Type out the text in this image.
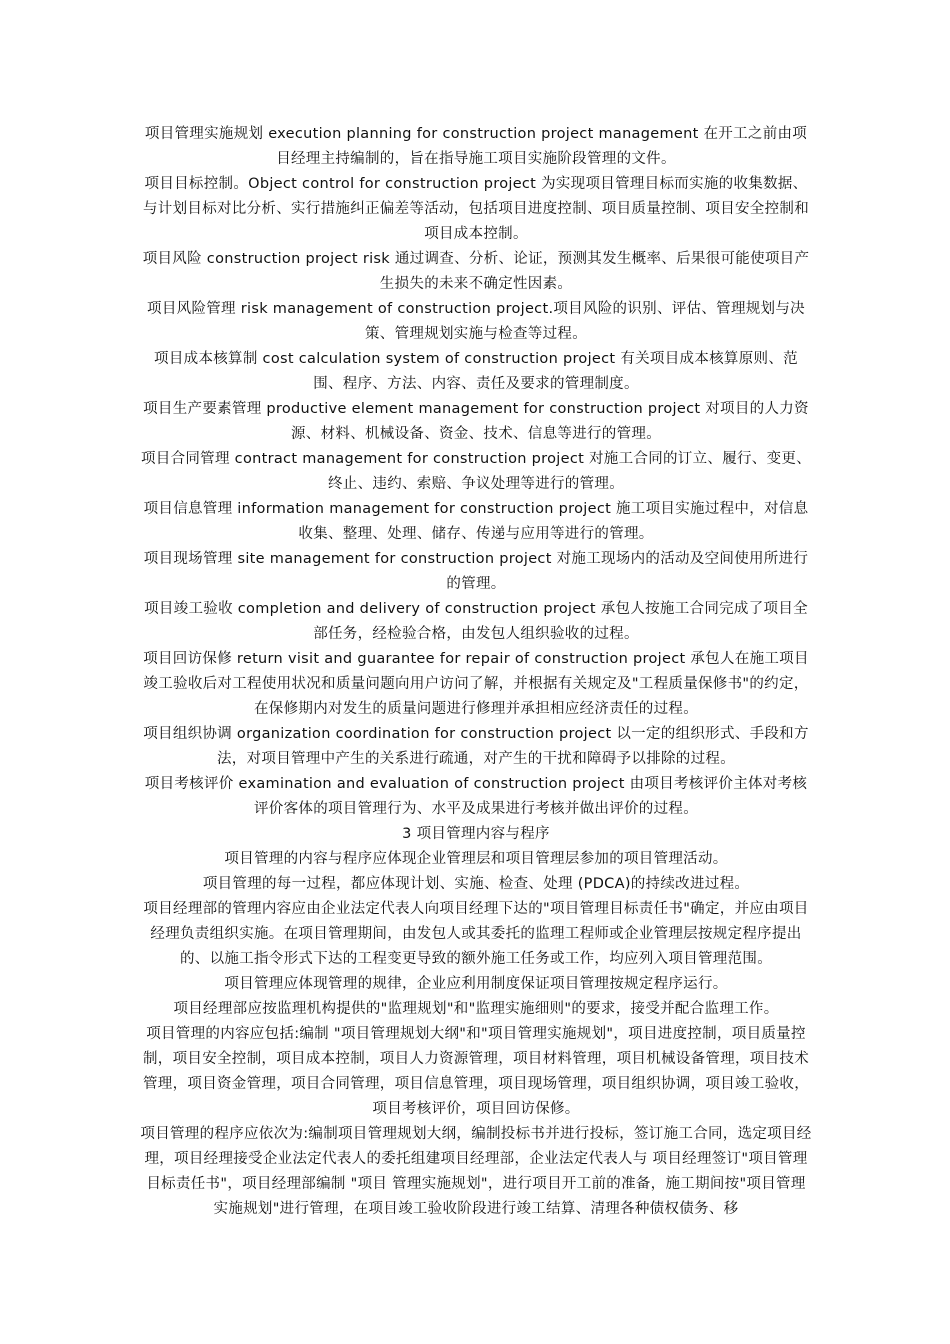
项目管理实施规划 execution planning for construction project management 在开工之前由项目经理主持编制的，旨在指导施工项目实施阶段管理的文件。

项目目标控制。Object control for construction project 为实现项目管理目标而实施的收集数据、与计划目标对比分析、实行措施纠正偏差等活动，包括项目进度控制、项目质量控制、项目安全控制和项目成本控制。

项目风险 construction project risk 通过调查、分析、论证，预测其发生概率、后果很可能使项目产生损失的未来不确定性因素。

项目风险管理 risk management of construction project.项目风险的识别、评估、管理规划与决策、管理规划实施与检查等过程。

项目成本核算制 cost calculation system of construction project 有关项目成本核算原则、范围、程序、方法、内容、责任及要求的管理制度。

项目生产要素管理 productive element management for construction project 对项目的人力资源、材料、机械设备、资金、技术、信息等进行的管理。

项目合同管理 contract management for construction project 对施工合同的订立、履行、变更、终止、违约、索赔、争议处理等进行的管理。

项目信息管理 information management for construction project 施工项目实施过程中，对信息收集、整理、处理、储存、传递与应用等进行的管理。

项目现场管理 site management for construction project 对施工现场内的活动及空间使用所进行的管理。

项目竣工验收 completion and delivery of construction project 承包人按施工合同完成了项目全部任务，经检验合格，由发包人组织验收的过程。

项目回访保修 return visit and guarantee for repair of construction project 承包人在施工项目竣工验收后对工程使用状况和质量问题向用户访问了解，并根据有关规定及"工程质量保修书"的约定，在保修期内对发生的质量问题进行修理并承担相应经济责任的过程。

项目组织协调 organization coordination for construction project 以一定的组织形式、手段和方法，对项目管理中产生的关系进行疏通，对产生的干扰和障碍予以排除的过程。

项目考核评价 examination and evaluation of construction project 由项目考核评价主体对考核评价客体的项目管理行为、水平及成果进行考核并做出评价的过程。

3 项目管理内容与程序

项目管理的内容与程序应体现企业管理层和项目管理层参加的项目管理活动。

项目管理的每一过程，都应体现计划、实施、检查、处理 (PDCA)的持续改进过程。

项目经理部的管理内容应由企业法定代表人向项目经理下达的"项目管理目标责任书"确定，并应由项目经理负责组织实施。在项目管理期间，由发包人或其委托的监理工程师或企业管理层按规定程序提出的、以施工指令形式下达的工程变更导致的额外施工任务或工作，均应列入项目管理范围。

项目管理应体现管理的规律，企业应利用制度保证项目管理按规定程序运行。

项目经理部应按监理机构提供的"监理规划"和"监理实施细则"的要求，接受并配合监理工作。

项目管理的内容应包括:编制 "项目管理规划大纲"和"项目管理实施规划"，项目进度控制，项目质量控制，项目安全控制，项目成本控制，项目人力资源管理，项目材料管理，项目机械设备管理，项目技术管理，项目资金管理，项目合同管理，项目信息管理，项目现场管理，项目组织协调，项目竣工验收，项目考核评价，项目回访保修。

项目管理的程序应依次为:编制项目管理规划大纲，编制投标书并进行投标，签订施工合同，选定项目经理，项目经理接受企业法定代表人的委托组建项目经理部，企业法定代表人与 项目经理签订"项目管理目标责任书"，项目经理部编制 "项目 管理实施规划"，进行项目开工前的准备，施工期间按"项目管理实施规划"进行管理，在项目竣工验收阶段进行竣工结算、清理各种债权债务、移
